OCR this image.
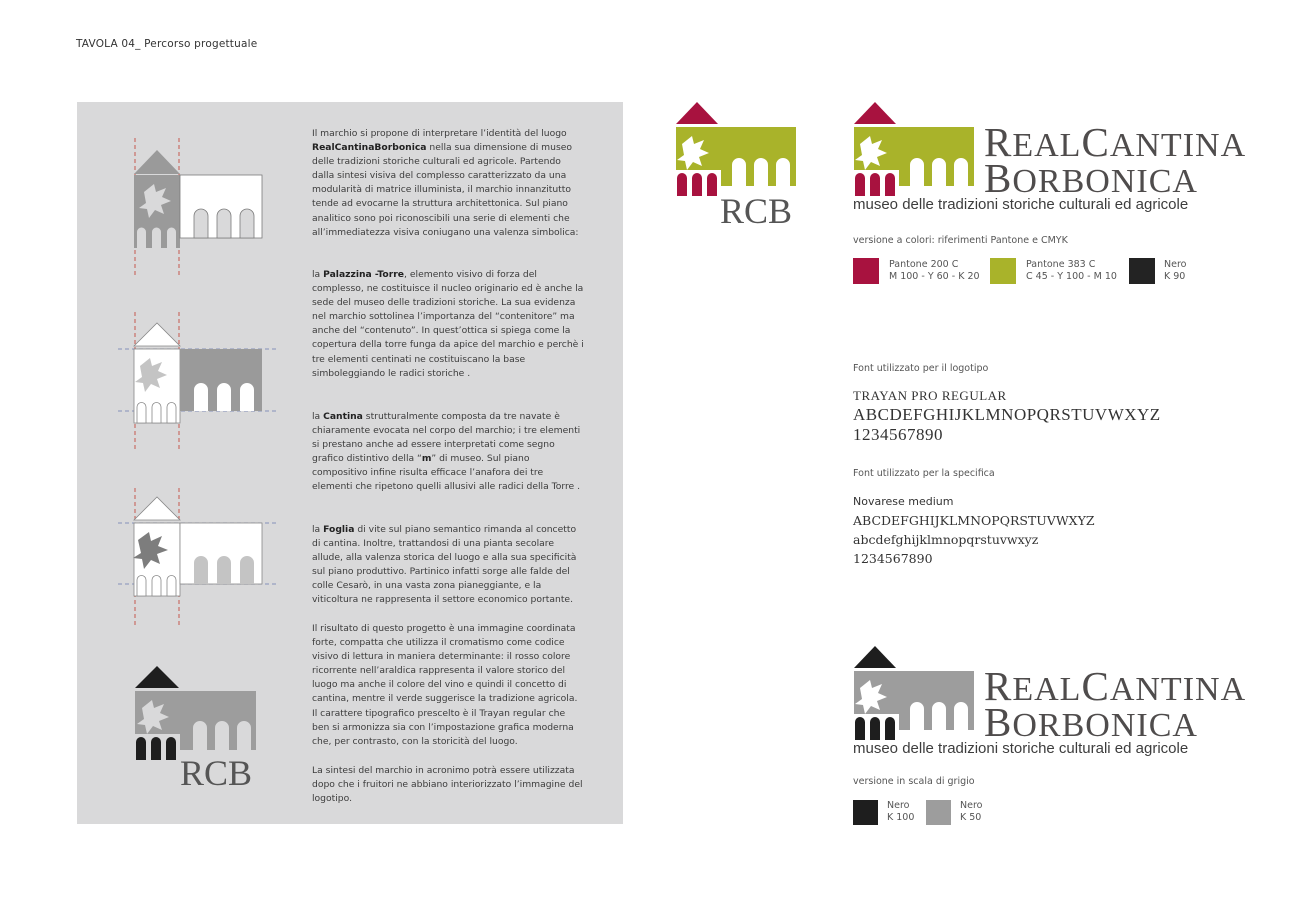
TAVOLA 04_ Percorso progettuale
RCB

Il marchio si propone di interpretare l’identità del luogo RealCantinaBorbonica nella sua dimensione di museo delle tradizioni storiche culturali ed agricole. Partendo dalla sintesi visiva del complesso caratterizzato da una modularità di matrice illuminista, il marchio innanzitutto tende ad evocarne la struttura architettonica. Sul piano analitico sono poi riconoscibili una serie di elementi che all’immediatezza visiva coniugano una valenza simbolica:

la Palazzina -Torre, elemento visivo di forza del complesso, ne costituisce il nucleo originario ed è anche la sede del museo delle tradizioni storiche. La sua evidenza nel marchio sottolinea l’importanza del “contenitore” ma anche del “contenuto”. In quest’ottica si spiega come la copertura della torre funga da apice del marchio e perchè i tre elementi centinati ne costituiscano la base simboleggiando le radici storiche .

la Cantina strutturalmente composta da tre navate è chiaramente evocata nel corpo del marchio; i tre elementi si prestano anche ad essere interpretati come segno grafico distintivo della “m” di museo. Sul piano compositivo infine risulta efficace l’anafora dei tre elementi che ripetono quelli allusivi alle radici della Torre .

la Foglia di vite sul piano semantico rimanda al concetto di cantina. Inoltre, trattandosi di una pianta secolare allude, alla valenza storica del luogo e alla sua specificità sul piano produttivo. Partinico infatti sorge alle falde del colle Cesarò, in una vasta zona pianeggiante, e la viticoltura ne rappresenta il settore economico portante.

Il risultato di questo progetto è una immagine coordinata forte, compatta che utilizza il cromatismo come codice visivo di lettura in maniera determinante: il rosso colore ricorrente nell’araldica rappresenta il valore storico del luogo ma anche il colore del vino e quindi il concetto di cantina, mentre il verde suggerisce la tradizione agricola. Il carattere tipografico prescelto è il Trayan regular che ben si armonizza sia con l’impostazione grafica moderna che, per contrasto, con la storicità del luogo.

La sintesi del marchio in acronimo potrà essere utilizzata dopo che i fruitori ne abbiano interiorizzato l’immagine del logotipo.

RCB
REALCANTINA
BORBONICA
museo delle tradizioni storiche culturali ed agricole
versione a colori: riferimenti Pantone e CMYK
Pantone 200 C
M 100 - Y 60 - K 20
Pantone 383 C
C 45 - Y 100 - M 10
Nero
K 90
Font utilizzato per il logotipo
TRAYAN PRO REGULAR
ABCDEFGHIJKLMNOPQRSTUVWXYZ
1234567890
Font utilizzato per la specifica
Novarese medium
ABCDEFGHIJKLMNOPQRSTUVWXYZ
abcdefghijklmnopqrstuvwxyz
1234567890
REALCANTINA
BORBONICA
museo delle tradizioni storiche culturali ed agricole
versione in scala di grigio
Nero
K 100
Nero
K 50
